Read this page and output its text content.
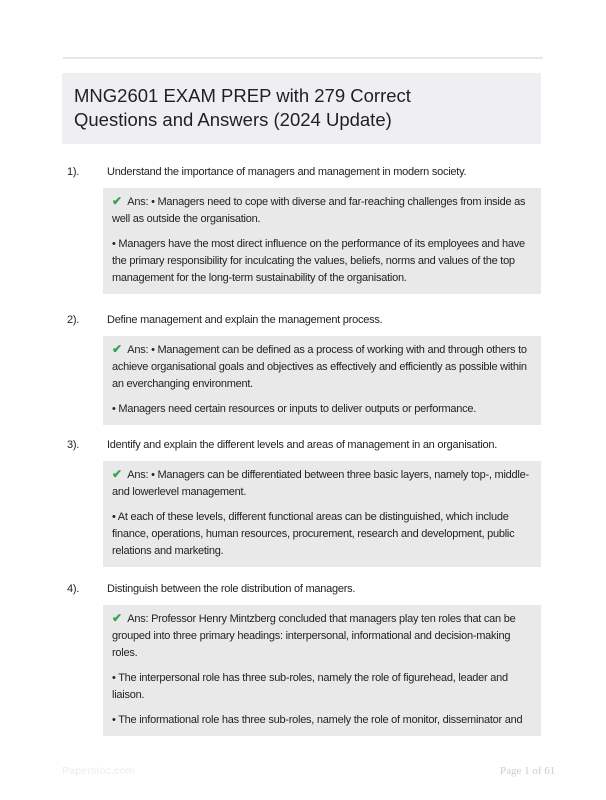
MNG2601 EXAM PREP with 279 Correct
Questions and Answers (2024 Update)
1).	Understand the importance of managers and management in modern society.

✔ Ans: • Managers need to cope with diverse and far-reaching challenges from inside as well as outside the organisation.

• Managers have the most direct influence on the performance of its employees and have the primary responsibility for inculcating the values, beliefs, norms and values of the top management for the long-term sustainability of the organisation.

2).	Define management and explain the management process.

✔ Ans: • Management can be defined as a process of working with and through others to achieve organisational goals and objectives as effectively and efficiently as possible within an everchanging environment.

• Managers need certain resources or inputs to deliver outputs or performance.

3).	Identify and explain the different levels and areas of management in an organisation.

✔ Ans: • Managers can be differentiated between three basic layers, namely top-, middle- and lowerlevel management.

• At each of these levels, different functional areas can be distinguished, which include finance, operations, human resources, procurement, research and development, public relations and marketing.

4).	Distinguish between the role distribution of managers.

✔ Ans: Professor Henry Mintzberg concluded that managers play ten roles that can be grouped into three primary headings: interpersonal, informational and decision-making roles.

• The interpersonal role has three sub-roles, namely the role of figurehead, leader and liaison.

• The informational role has three sub-roles, namely the role of monitor, disseminator and

Paperstoc.com	Page 1 of 61
